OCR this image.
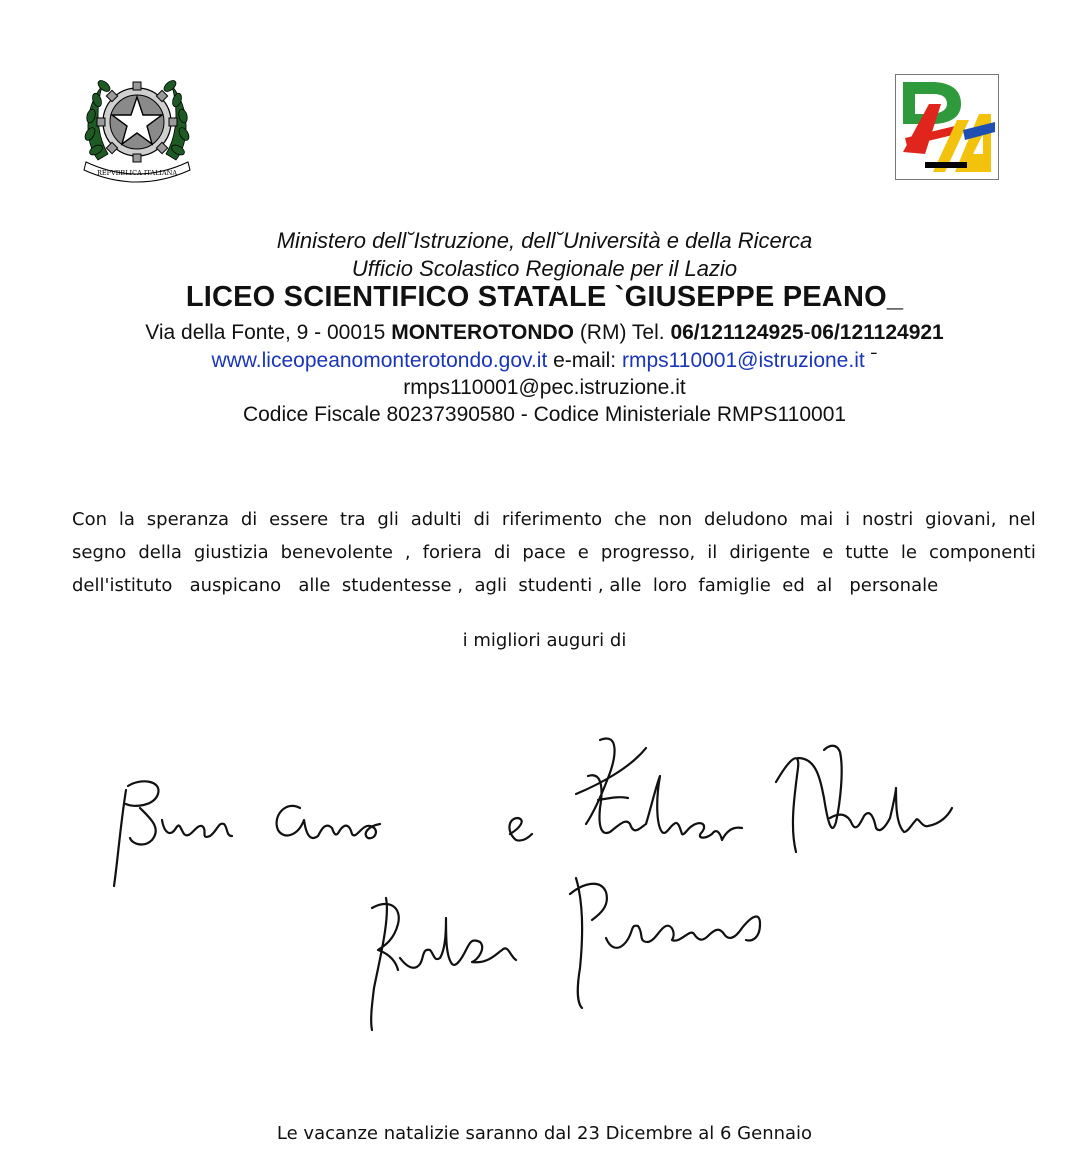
REPVBBLICA ITALIANA
Ministero dell˘Istruzione, dell˘Università e della Ricerca
Ufficio Scolastico Regionale per il Lazio
LICEO SCIENTIFICO STATALE `GIUSEPPE PEANO_
Via della Fonte, 9 - 00015 MONTEROTONDO (RM) Tel. 06/121124925-06/121124921
www.liceopeanomonterotondo.gov.it e-mail: rmps110001@istruzione.it ˉ
rmps110001@pec.istruzione.it
Codice Fiscale 80237390580 - Codice Ministeriale RMPS110001
Con la speranza di essere tra gli adulti di riferimento che non deludono mai i nostri giovani, nel
segno della giustizia benevolente , foriera di pace e progresso, il dirigente e tutte le componenti
dell'istituto   auspicano   alle  studentesse ,  agli  studenti , alle  loro  famiglie  ed  al   personale
i migliori auguri di
Le vacanze natalizie saranno dal 23 Dicembre al 6 Gennaio
